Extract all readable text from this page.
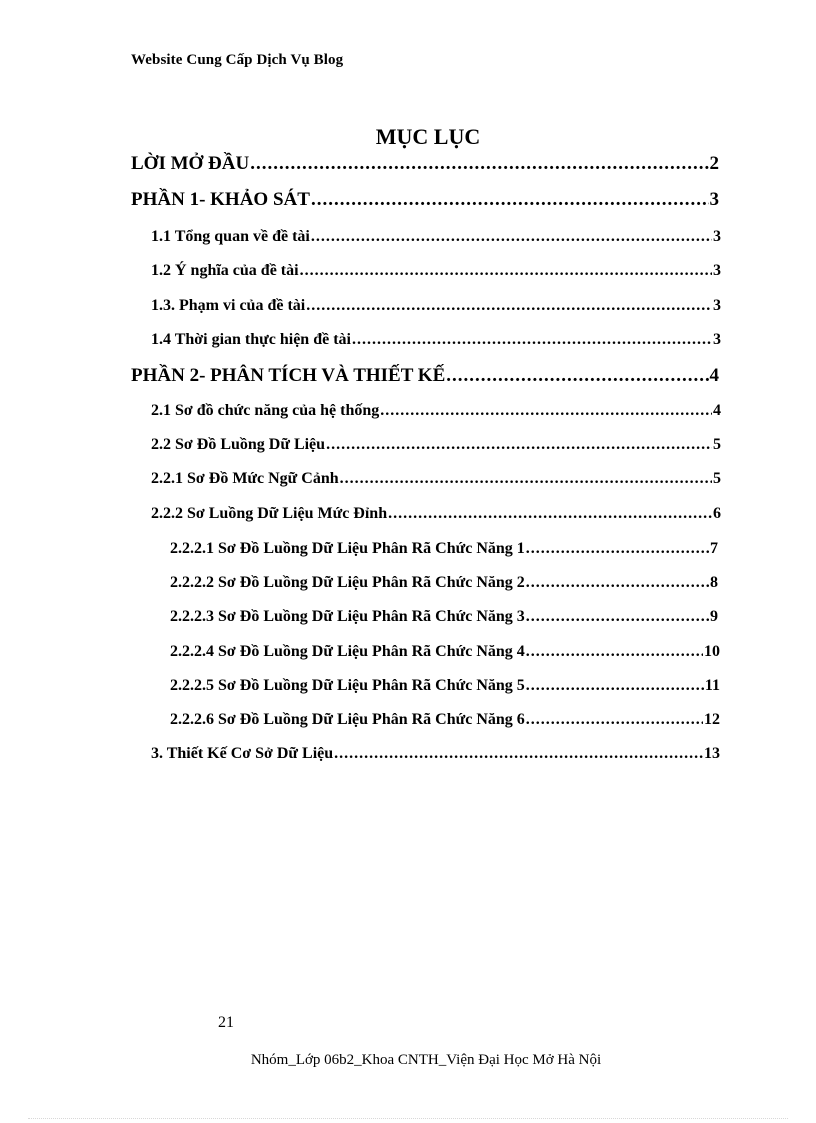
Website Cung Cấp Dịch Vụ Blog
MỤC LỤC
LỜI MỞ ĐẦU .....	2
PHẦN 1- KHẢO SÁT .....	3
1.1 Tổng quan về đề tài .....	3
1.2 Ý nghĩa của đề tài .....	3
1.3. Phạm vi của đề tài .....	3
1.4 Thời gian thực hiện đề tài .....	3
PHẦN 2- PHÂN TÍCH VÀ THIẾT KẾ .....	4
2.1 Sơ đồ chức năng của hệ thống .....	4
2.2 Sơ Đồ Luồng Dữ Liệu .....	5
2.2.1 Sơ Đồ Mức Ngữ Cảnh .....	5
2.2.2 Sơ Luồng Dữ Liệu Mức Đỉnh .....	6
2.2.2.1 Sơ Đồ Luồng Dữ Liệu Phân Rã Chức Năng 1 .....	7
2.2.2.2 Sơ Đồ Luồng Dữ Liệu Phân Rã Chức Năng 2 .....	8
2.2.2.3 Sơ Đồ Luồng Dữ Liệu Phân Rã Chức Năng 3 .....	9
2.2.2.4 Sơ Đồ Luồng Dữ Liệu Phân Rã Chức Năng 4 .....	10
2.2.2.5 Sơ Đồ Luồng Dữ Liệu Phân Rã Chức Năng 5 .....	11
2.2.2.6 Sơ Đồ Luồng Dữ Liệu Phân Rã Chức Năng 6 .....	12
3. Thiết Kế Cơ Sở Dữ Liệu .....	13
21
Nhóm_Lớp 06b2_Khoa CNTH_Viện Đại Học Mở Hà Nội
